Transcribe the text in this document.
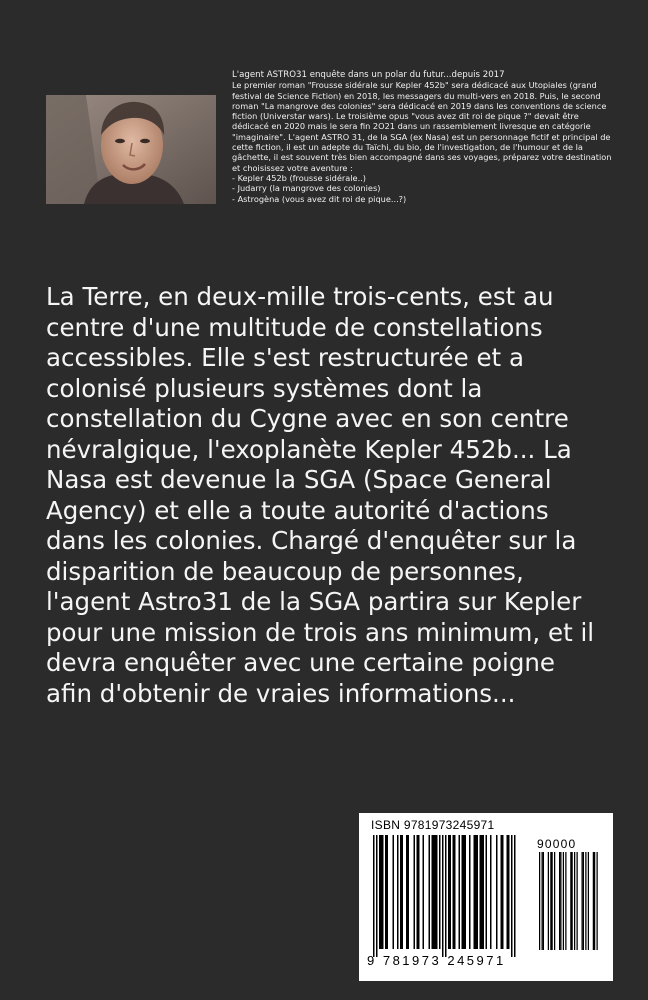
L'agent ASTRO31 enquête dans un polar du futur...depuis 2017

Le premier roman "Frousse sidérale sur Kepler 452b" sera dédicacé aux Utopiales (grand festival de Science Fiction) en 2018, les messagers du multi-vers en 2018. Puis, le second roman "La mangrove des colonies" sera dédicacé en 2019 dans les conventions de science fiction (Universtar wars). Le troisième opus "vous avez dit roi de pique ?" devait être dédicacé en 2020 mais le sera fin 2O21 dans un rassemblement livresque en catégorie "imaginaire". L'agent ASTRO 31, de la SGA (ex Nasa) est un personnage fictif et principal de cette fiction, il est un adepte du Taïchi, du bio, de l'investigation, de l'humour et de la gâchette, il est souvent très bien accompagné dans ses voyages, préparez votre destination et choisissez votre aventure :

- Kepler 452b (frousse sidérale..)
- Judarry (la mangrove des colonies)
- Astrogèna (vous avez dit roi de pique...?)

La Terre, en deux-mille trois-cents, est au centre d'une multitude de constellations accessibles. Elle s'est restructurée et a colonisé plusieurs systèmes dont la constellation du Cygne avec en son centre névralgique, l'exoplanète Kepler 452b... La Nasa est devenue la SGA (Space General Agency) et elle a toute autorité d'actions dans les colonies. Chargé d'enquêter sur la disparition de beaucoup de personnes, l'agent Astro31 de la SGA partira sur Kepler pour une mission de trois ans minimum, et il devra enquêter avec une certaine poigne afin d'obtenir de vraies informations...

ISBN 9781973245971
90000
9 781973 245971
